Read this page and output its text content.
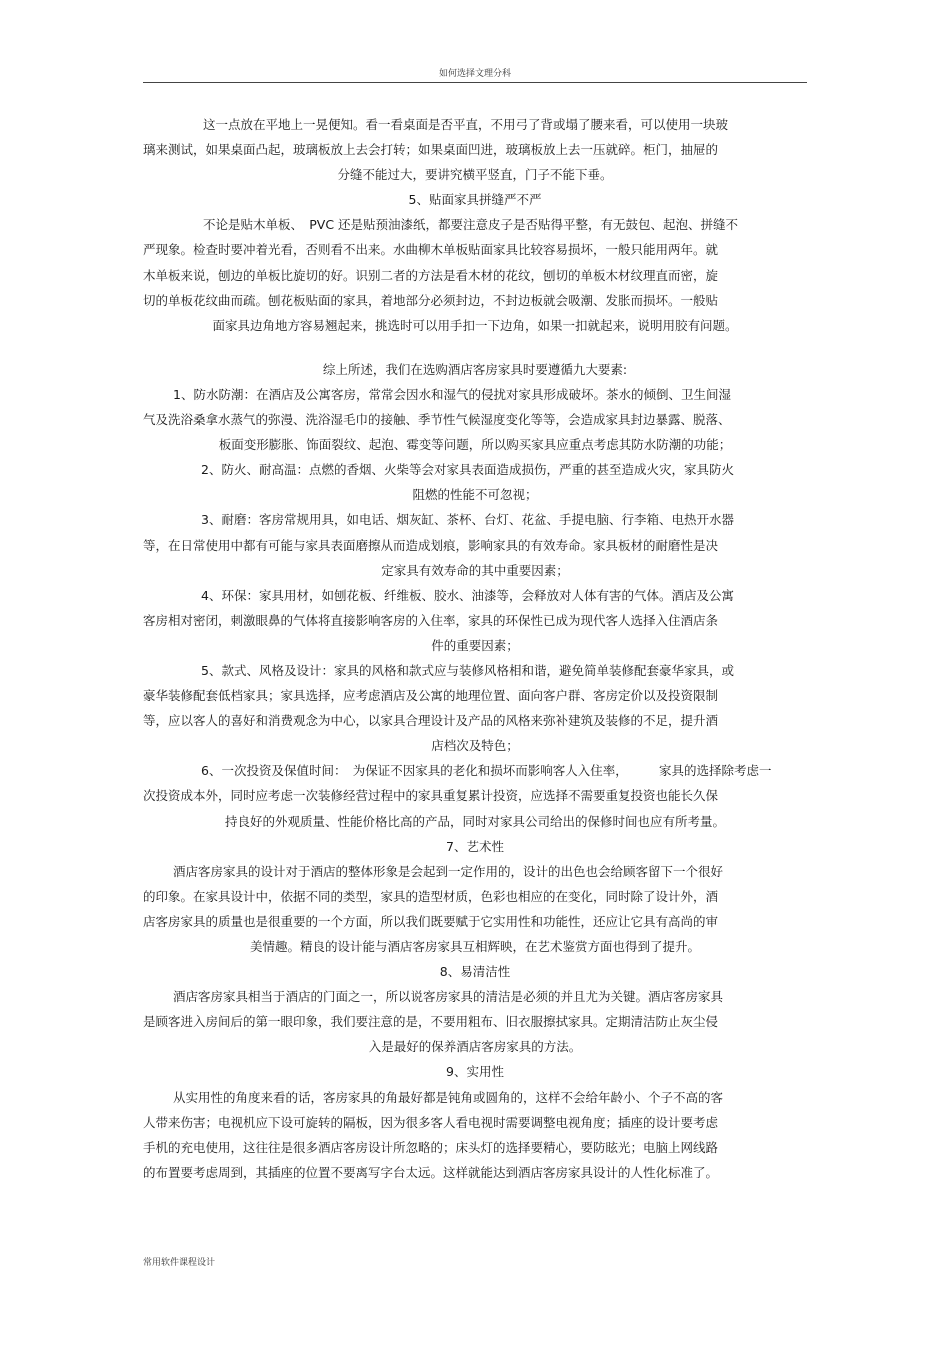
如何选择文理分科
这一点放在平地上一晃便知。看一看桌面是否平直，不用弓了背或塌了腰来看，可以使用一块玻
璃来测试，如果桌面凸起，玻璃板放上去会打转；如果桌面凹进，玻璃板放上去一压就碎。柜门，抽屉的
分缝不能过大，要讲究横平竖直，门子不能下垂。
5、贴面家具拼缝严不严
不论是贴木单板、　PVC 还是贴预油漆纸，都要注意皮子是否贴得平整，有无鼓包、起泡、拼缝不
严现象。检查时要冲着光看，否则看不出来。水曲柳木单板贴面家具比较容易损坏，一般只能用两年。就
木单板来说，刨边的单板比旋切的好。识别二者的方法是看木材的花纹，刨切的单板木材纹理直而密，旋
切的单板花纹曲而疏。刨花板贴面的家具，着地部分必须封边，不封边板就会吸潮、发胀而损坏。一般贴
面家具边角地方容易翘起来，挑选时可以用手扣一下边角，如果一扣就起来，说明用胶有问题。
综上所述，我们在选购酒店客房家具时要遵循九大要素:
1、防水防潮：在酒店及公寓客房，常常会因水和湿气的侵扰对家具形成破坏。茶水的倾倒、卫生间湿
气及洗浴桑拿水蒸气的弥漫、洗浴湿毛巾的接触、季节性气候湿度变化等等，会造成家具封边暴露、脱落、
板面变形膨胀、饰面裂纹、起泡、霉变等问题，所以购买家具应重点考虑其防水防潮的功能；
2、防火、耐高温：点燃的香烟、火柴等会对家具表面造成损伤，严重的甚至造成火灾，家具防火
阻燃的性能不可忽视；
3、耐磨：客房常规用具，如电话、烟灰缸、茶杯、台灯、花盆、手提电脑、行李箱、电热开水器
等，在日常使用中都有可能与家具表面磨擦从而造成划痕，影响家具的有效寿命。家具板材的耐磨性是决
定家具有效寿命的其中重要因素；
4、环保：家具用材，如刨花板、纤维板、胶水、油漆等，会释放对人体有害的气体。酒店及公寓
客房相对密闭，刺激眼鼻的气体将直接影响客房的入住率，家具的环保性已成为现代客人选择入住酒店条
件的重要因素；
5、款式、风格及设计：家具的风格和款式应与装修风格相和谐，避免简单装修配套豪华家具，或
豪华装修配套低档家具；家具选择，应考虑酒店及公寓的地理位置、面向客户群、客房定价以及投资限制
等，应以客人的喜好和消费观念为中心，以家具合理设计及产品的风格来弥补建筑及装修的不足，提升酒
店档次及特色；
6、一次投资及保值时间：　为保证不因家具的老化和损坏而影响客人入住率，　　　家具的选择除考虑一
次投资成本外，同时应考虑一次装修经营过程中的家具重复累计投资，应选择不需要重复投资也能长久保
持良好的外观质量、性能价格比高的产品，同时对家具公司给出的保修时间也应有所考量。
7、艺术性
酒店客房家具的设计对于酒店的整体形象是会起到一定作用的，设计的出色也会给顾客留下一个很好
的印象。在家具设计中，依据不同的类型，家具的造型材质，色彩也相应的在变化，同时除了设计外，酒
店客房家具的质量也是很重要的一个方面，所以我们既要赋于它实用性和功能性，还应让它具有高尚的审
美情趣。精良的设计能与酒店客房家具互相辉映，在艺术鉴赏方面也得到了提升。
8、易清洁性
酒店客房家具相当于酒店的门面之一，所以说客房家具的清洁是必须的并且尤为关键。酒店客房家具
是顾客进入房间后的第一眼印象，我们要注意的是，不要用粗布、旧衣服擦拭家具。定期清洁防止灰尘侵
入是最好的保养酒店客房家具的方法。
9、实用性
从实用性的角度来看的话，客房家具的角最好都是钝角或圆角的，这样不会给年龄小、个子不高的客
人带来伤害；电视机应下设可旋转的隔板，因为很多客人看电视时需要调整电视角度；插座的设计要考虑
手机的充电使用，这往往是很多酒店客房设计所忽略的；床头灯的选择要精心，要防眩光；电脑上网线路
的布置要考虑周到，其插座的位置不要离写字台太远。这样就能达到酒店客房家具设计的人性化标准了。
常用软件课程设计
